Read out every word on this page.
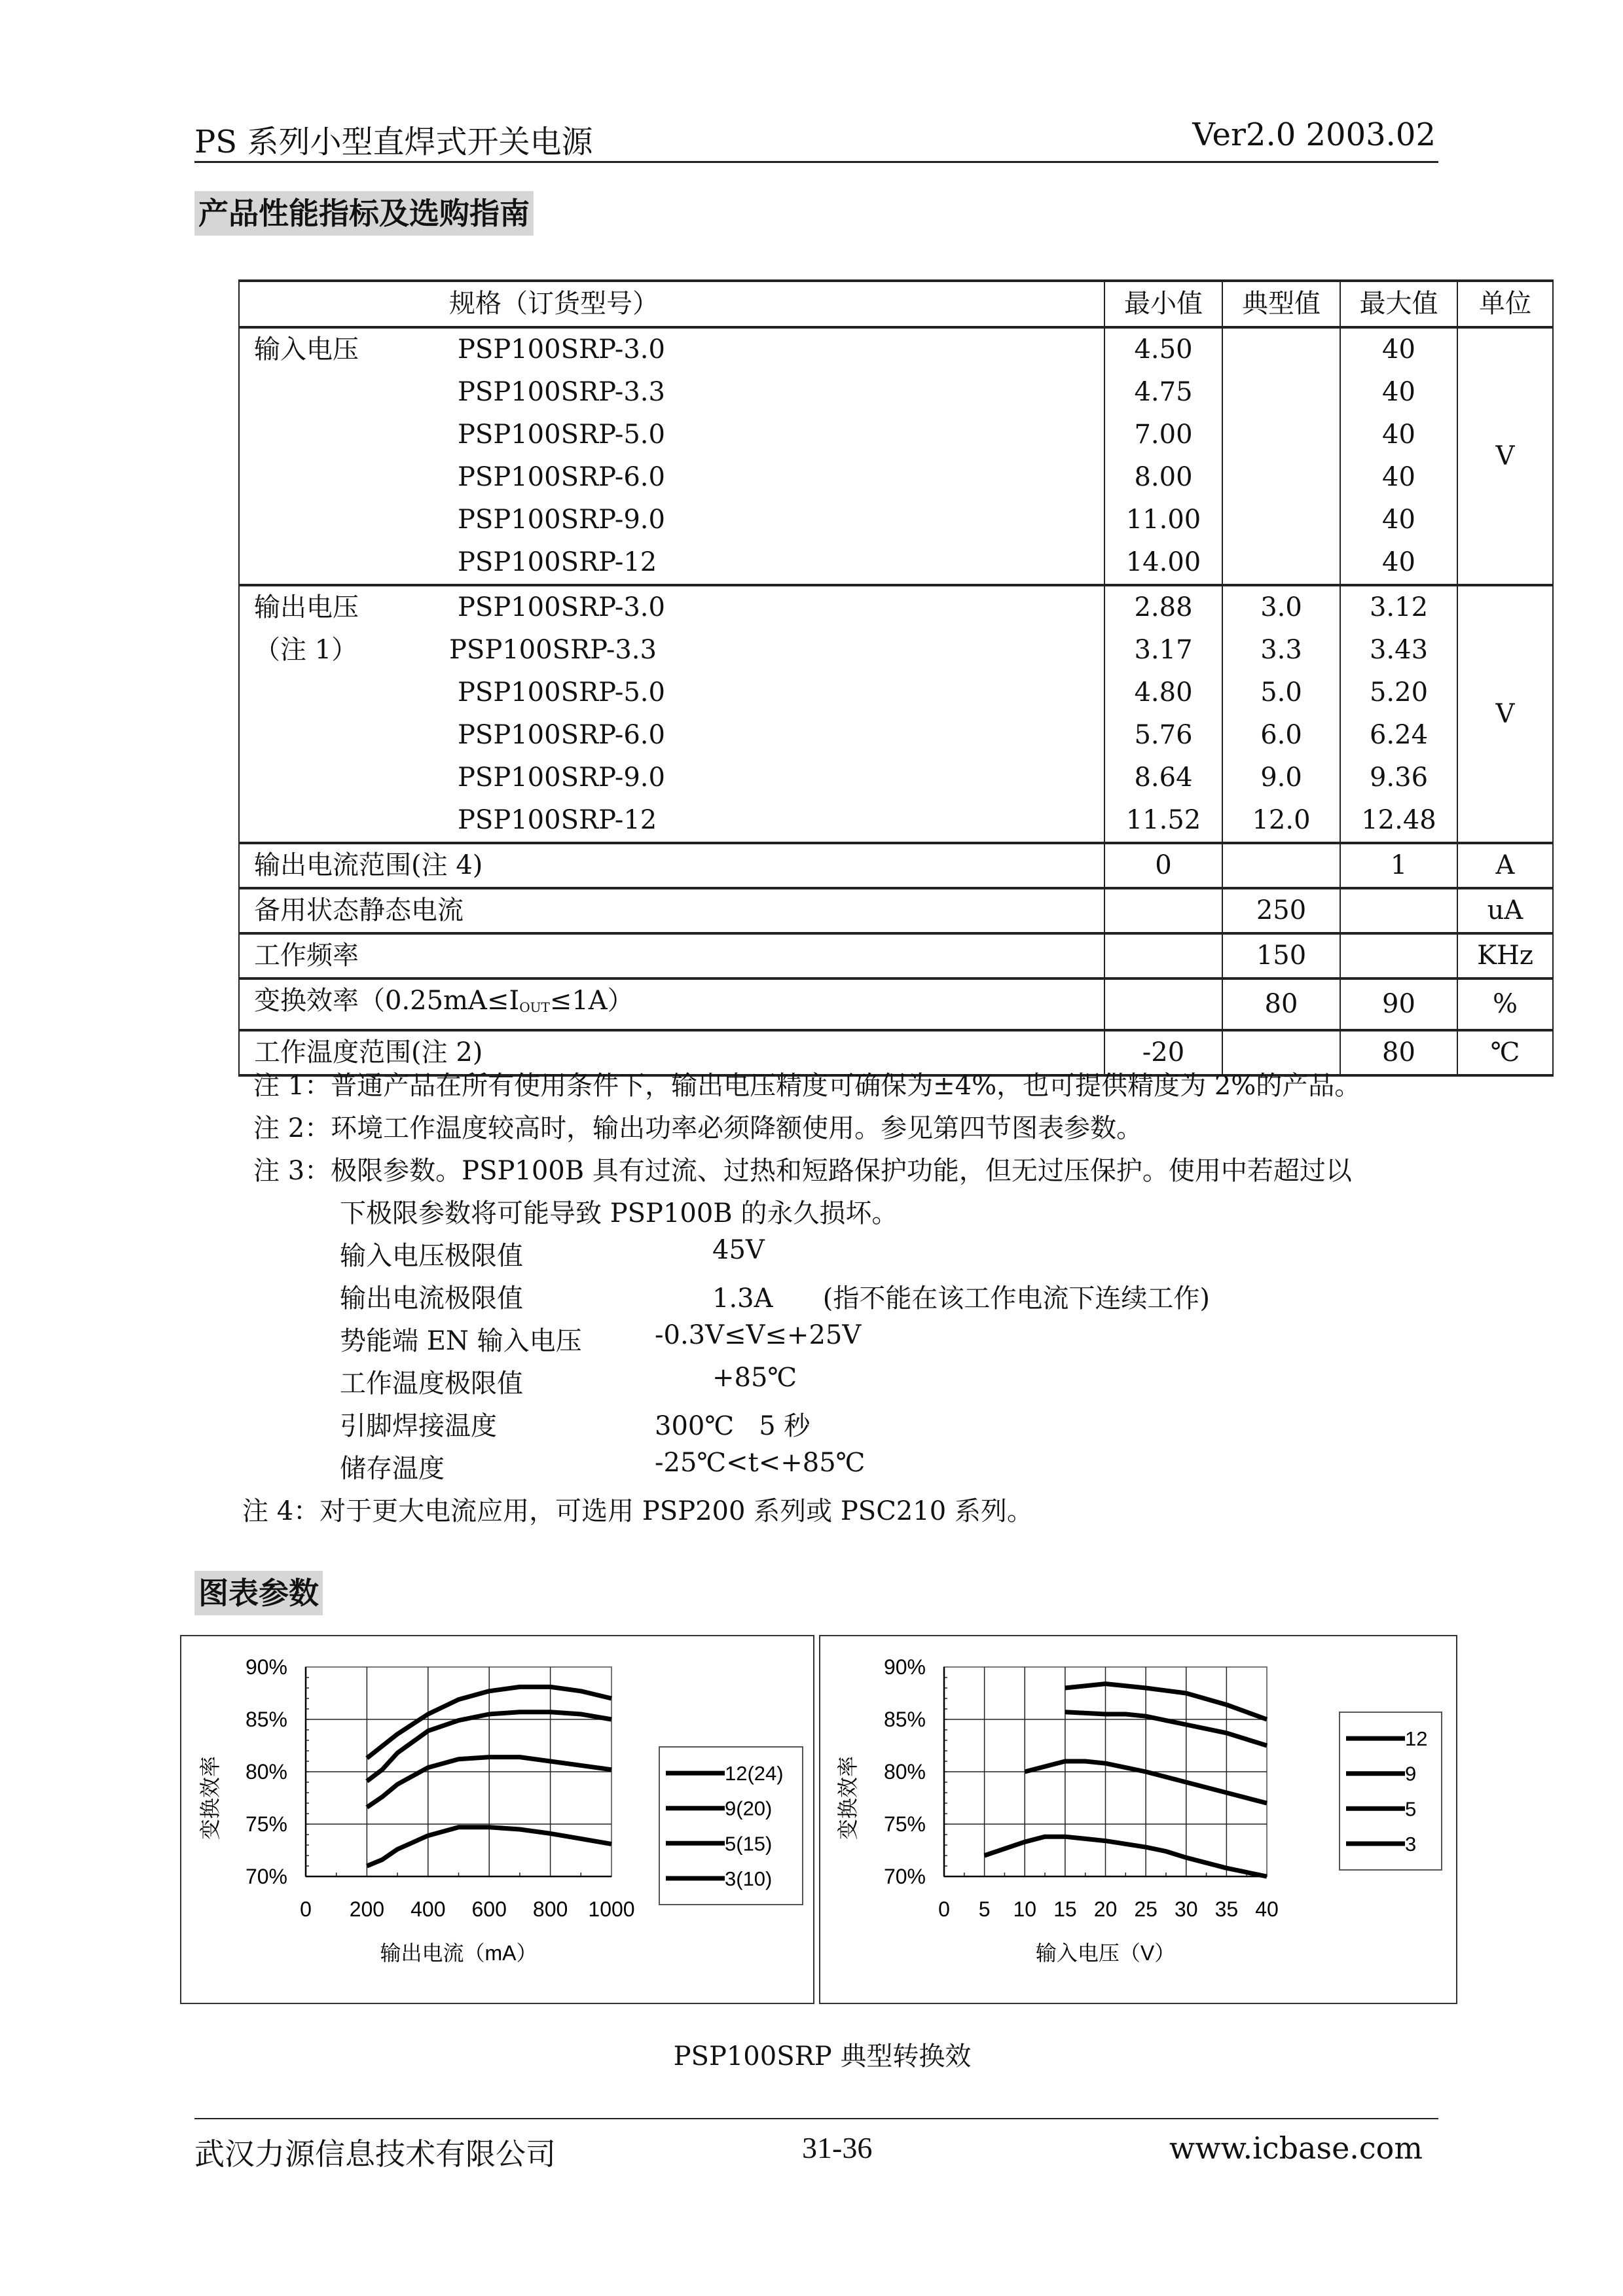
PS 系列小型直焊式开关电源	Ver2.0 2003.02
产品性能指标及选购指南
规格（订货型号）	最小值	典型值	最大值	单位

输入电压 PSP100SRP-3.0	4.50		40	V

PSP100SRP-3.3	4.75		40	

PSP100SRP-5.0	7.00		40	

PSP100SRP-6.0	8.00		40	

PSP100SRP-9.0	11.00		40	

PSP100SRP-12	14.00		40	

输出电压 PSP100SRP-3.0	2.88	3.0	3.12	V

（注 1） PSP100SRP-3.3	3.17	3.3	3.43	

PSP100SRP-5.0	4.80	5.0	5.20	

PSP100SRP-6.0	5.76	6.0	6.24	

PSP100SRP-9.0	8.64	9.0	9.36	

PSP100SRP-12	11.52	12.0	12.48	
输出电流范围(注 4)	0		1	A
备用状态静态电流		250		uA
工作频率		150		KHz
变换效率$(0.25mA\le I_{OUT}\le 1A)$		80	90	%
工作温度范围(注 2)	-20		80	℃
注 1：普通产品在所有使用条件下，输出电压精度可确保为±4%，也可提供精度为 2%的产品。
注 2：环境工作温度较高时，输出功率必须降额使用。参见第四节图表参数。
注 3：极限参数。PSP100B 具有过流、过热和短路保护功能，但无过压保护。使用中若超过以
下极限参数将可能导致 PSP100B 的永久损坏。
输入电压极限值	45V
输出电流极限值	1.3A      (指不能在该工作电流下连续工作)
势能端 EN 输入电压	-0.3V≤V≤+25V
工作温度极限值	+85℃
引脚焊接温度	300℃   5 秒
储存温度	-25℃<t<+85℃
注 4：对于更大电流应用，可选用 PSP200 系列或 PSC210 系列。
图表参数
0 200 400 600 800 1000
70%
75%
80%
85%
90%
变换效率
输出电流（mA）
12(24)
9(20)
5(15)
3(10)
0 5 10 15 20 25 30 35 40
70%
75%
80%
85%
90%
变换效率
输入电压（V）
12
9
5
3
PSP100SRP 典型转换效
武汉力源信息技术有限公司	31-36	www.icbase.com
